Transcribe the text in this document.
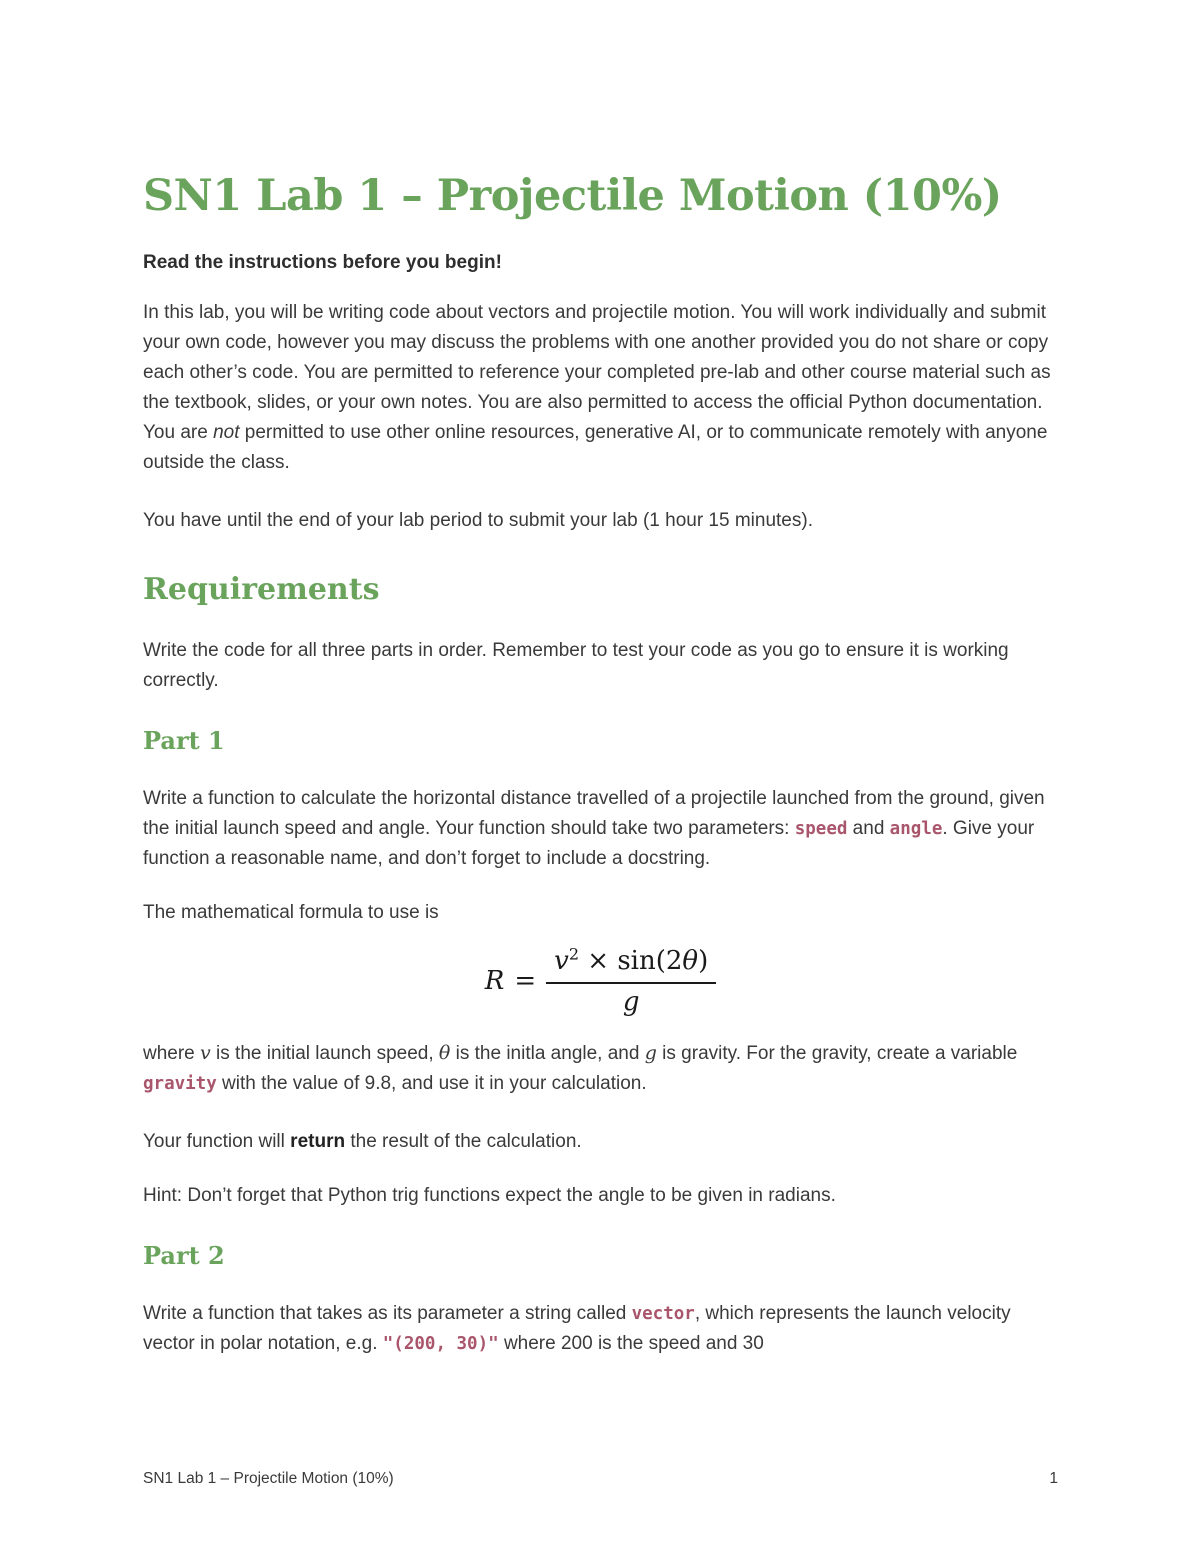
SN1 Lab 1 – Projectile Motion (10%)

Read the instructions before you begin!

In this lab, you will be writing code about vectors and projectile motion. You will work individually and submit your own code, however you may discuss the problems with one another provided you do not share or copy each other’s code. You are permitted to reference your completed pre-lab and other course material such as the textbook, slides, or your own notes. You are also permitted to access the official Python documentation. You are not permitted to use other online resources, generative AI, or to communicate remotely with anyone outside the class.

You have until the end of your lab period to submit your lab (1 hour 15 minutes).

Requirements

Write the code for all three parts in order. Remember to test your code as you go to ensure it is working correctly.

Part 1

Write a function to calculate the horizontal distance travelled of a projectile launched from the ground, given the initial launch speed and angle. Your function should take two parameters: speed and angle. Give your function a reasonable name, and don’t forget to include a docstring.

The mathematical formula to use is

$R = \frac{v^2 \times \sin(2\theta)}{g}$

where v is the initial launch speed, θ is the initla angle, and g is gravity. For the gravity, create a variable gravity with the value of 9.8, and use it in your calculation.

Your function will return the result of the calculation.

Hint: Don’t forget that Python trig functions expect the angle to be given in radians.

Part 2

Write a function that takes as its parameter a string called vector, which represents the launch velocity vector in polar notation, e.g. "(200, 30)" where 200 is the speed and 30

SN1 Lab 1 – Projectile Motion (10%)	1
